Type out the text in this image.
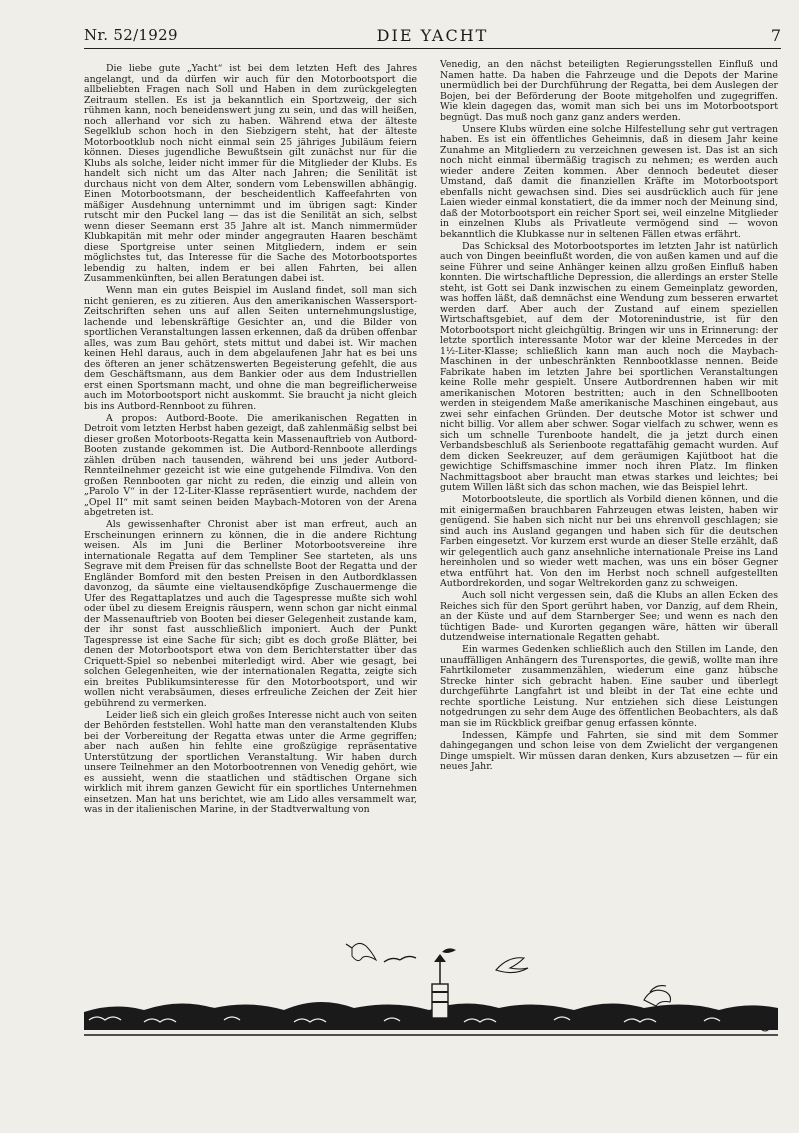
Nr. 52/1929	DIE YACHT	7

Die liebe gute „Yacht“ ist bei dem letzten Heft des Jahres angelangt, und da dürfen wir auch für den Motorbootsport die allbeliebten Fragen nach Soll und Haben in dem zurückgelegten Zeitraum stellen. Es ist ja bekanntlich ein Sportzweig, der sich rühmen kann, noch beneidenswert jung zu sein, und das will heißen, noch allerhand vor sich zu haben. Während etwa der älteste Segelklub schon hoch in den Siebzigern steht, hat der älteste Motorbootklub noch nicht einmal sein 25 jähriges Jubiläum feiern können. Dieses jugendliche Bewußtsein gilt zunächst nur für die Klubs als solche, leider nicht immer für die Mitglieder der Klubs. Es handelt sich nicht um das Alter nach Jahren; die Senilität ist durchaus nicht von dem Alter, sondern vom Lebenswillen abhängig. Einen Motorbootsmann, der bescheidentlich Kaffeefahrten von mäßiger Ausdehnung unternimmt und im übrigen sagt: Kinder rutscht mir den Puckel lang — das ist die Senilität an sich, selbst wenn dieser Seemann erst 35 Jahre alt ist. Manch nimmermüder Klubkapitän mit mehr oder minder angegrauten Haaren beschämt diese Sportgreise unter seinen Mitgliedern, indem er sein möglichstes tut, das Interesse für die Sache des Motorbootsportes lebendig zu halten, indem er bei allen Fahrten, bei allen Zusammenkünften, bei allen Beratungen dabei ist.

Wenn man ein gutes Beispiel im Ausland findet, soll man sich nicht genieren, es zu zitieren. Aus den amerikanischen Wassersport-Zeitschriften sehen uns auf allen Seiten unternehmungslustige, lachende und lebenskräftige Gesichter an, und die Bilder von sportlichen Veranstaltungen lassen erkennen, daß da drüben offenbar alles, was zum Bau gehört, stets mittut und dabei ist. Wir machen keinen Hehl daraus, auch in dem abgelaufenen Jahr hat es bei uns des öfteren an jener schätzenswerten Begeisterung gefehlt, die aus dem Geschäftsmann, aus dem Bankier oder aus dem Industriellen erst einen Sportsmann macht, und ohne die man begreiflicherweise auch im Motorbootsport nicht auskommt. Sie braucht ja nicht gleich bis ins Autbord-Rennboot zu führen.

A propos: Autbord-Boote. Die amerikanischen Regatten in Detroit vom letzten Herbst haben gezeigt, daß zahlenmäßig selbst bei dieser großen Motorboots-Regatta kein Massenauftrieb von Autbord-Booten zustande gekommen ist. Die Autbord-Rennboote allerdings zählen drüben nach tausenden, während bei uns jeder Autbord-Rennteilnehmer gezeicht ist wie eine gutgehende Filmdiva. Von den großen Rennbooten gar nicht zu reden, die einzig und allein von „Parolo V“ in der 12-Liter-Klasse repräsentiert wurde, nachdem der „Opel II“ mit samt seinen beiden Maybach-Motoren von der Arena abgetreten ist.

Als gewissenhafter Chronist aber ist man erfreut, auch an Erscheinungen erinnern zu können, die in die andere Richtung weisen. Als im Juni die Berliner Motorbootsvereine ihre internationale Regatta auf dem Templiner See starteten, als uns Segrave mit dem Preisen für das schnellste Boot der Regatta und der Engländer Bomford mit den besten Preisen in den Autbordklassen davonzog, da säumte eine vieltausendköpfige Zuschauermenge die Ufer des Regattaplatzes und auch die Tagespresse mußte sich wohl oder übel zu diesem Ereignis räuspern, wenn schon gar nicht einmal der Massenauftrieb von Booten bei dieser Gelegenheit zustande kam, der ihr sonst fast ausschließlich imponiert. Auch der Punkt Tagespresse ist eine Sache für sich; gibt es doch große Blätter, bei denen der Motorbootsport etwa von dem Berichterstatter über das Criquett-Spiel so nebenbei miterledigt wird. Aber wie gesagt, bei solchen Gelegenheiten, wie der internationalen Regatta, zeigte sich ein breites Publikumsinteresse für den Motorbootsport, und wir wollen nicht verabsäumen, dieses erfreuliche Zeichen der Zeit hier gebührend zu vermerken.

Leider ließ sich ein gleich großes Interesse nicht auch von seiten der Behörden feststellen. Wohl hatte man den veranstaltenden Klubs bei der Vorbereitung der Regatta etwas unter die Arme gegriffen; aber nach außen hin fehlte eine großzügige repräsentative Unterstützung der sportlichen Veranstaltung. Wir haben durch unsere Teilnehmer an den Motorbootrennen von Venedig gehört, wie es aussieht, wenn die staatlichen und städtischen Organe sich wirklich mit ihrem ganzen Gewicht für ein sportliches Unternehmen einsetzen. Man hat uns berichtet, wie am Lido alles versammelt war, was in der italienischen Marine, in der Stadtverwaltung von

Venedig, an den nächst beteiligten Regierungsstellen Einfluß und Namen hatte. Da haben die Fahrzeuge und die Depots der Marine unermüdlich bei der Durchführung der Regatta, bei dem Auslegen der Bojen, bei der Beförderung der Boote mitgeholfen und zugegriffen. Wie klein dagegen das, womit man sich bei uns im Motorbootsport begnügt. Das muß noch ganz ganz anders werden.

Unsere Klubs würden eine solche Hilfestellung sehr gut vertragen haben. Es ist ein öffentliches Geheimnis, daß in diesem Jahr keine Zunahme an Mitgliedern zu verzeichnen gewesen ist. Das ist an sich noch nicht einmal übermäßig tragisch zu nehmen; es werden auch wieder andere Zeiten kommen. Aber dennoch bedeutet dieser Umstand, daß damit die finanziellen Kräfte im Motorbootsport ebenfalls nicht gewachsen sind. Dies sei ausdrücklich auch für jene Laien wieder einmal konstatiert, die da immer noch der Meinung sind, daß der Motorbootsport ein reicher Sport sei, weil einzelne Mitglieder in einzelnen Klubs als Privatleute vermögend sind — wovon bekanntlich die Klubkasse nur in seltenen Fällen etwas erfährt.

Das Schicksal des Motorbootsportes im letzten Jahr ist natürlich auch von Dingen beeinflußt worden, die von außen kamen und auf die seine Führer und seine Anhänger keinen allzu großen Einfluß haben konnten. Die wirtschaftliche Depression, die allerdings an erster Stelle steht, ist Gott sei Dank inzwischen zu einem Gemeinplatz geworden, was hoffen läßt, daß demnächst eine Wendung zum besseren erwartet werden darf. Aber auch der Zustand auf einem speziellen Wirtschaftsgebiet, auf dem der Motorenindustrie, ist für den Motorbootsport nicht gleichgültig. Bringen wir uns in Erinnerung: der letzte sportlich interessante Motor war der kleine Mercedes in der 1½-Liter-Klasse; schließlich kann man auch noch die Maybach-Maschinen in der unbeschränkten Rennbootklasse nennen. Beide Fabrikate haben im letzten Jahre bei sportlichen Veranstaltungen keine Rolle mehr gespielt. Unsere Autbordrennen haben wir mit amerikanischen Motoren bestritten; auch in den Schnellbooten werden in steigendem Maße amerikanische Maschinen eingebaut, aus zwei sehr einfachen Gründen. Der deutsche Motor ist schwer und nicht billig. Vor allem aber schwer. Sogar vielfach zu schwer, wenn es sich um schnelle Turenboote handelt, die ja jetzt durch einen Verbandsbeschluß als Serienboote regattafähig gemacht wurden. Auf dem dicken Seekreuzer, auf dem geräumigen Kajütboot hat die gewichtige Schiffsmaschine immer noch ihren Platz. Im flinken Nachmittagsboot aber braucht man etwas starkes und leichtes; bei gutem Willen läßt sich das schon machen, wie das Beispiel lehrt.

Motorbootsleute, die sportlich als Vorbild dienen können, und die mit einigermaßen brauchbaren Fahrzeugen etwas leisten, haben wir genügend. Sie haben sich nicht nur bei uns ehrenvoll geschlagen; sie sind auch ins Ausland gegangen und haben sich für die deutschen Farben eingesetzt. Vor kurzem erst wurde an dieser Stelle erzählt, daß wir gelegentlich auch ganz ansehnliche internationale Preise ins Land hereinholen und so wieder wett machen, was uns ein böser Gegner etwa entführt hat. Von den im Herbst noch schnell aufgestellten Autbordrekorden, und sogar Weltrekorden ganz zu schweigen.

Auch soll nicht vergessen sein, daß die Klubs an allen Ecken des Reiches sich für den Sport gerührt haben, vor Danzig, auf dem Rhein, an der Küste und auf dem Starnberger See; und wenn es nach den tüchtigen Bade- und Kurorten gegangen wäre, hätten wir überall dutzendweise internationale Regatten gehabt.

Ein warmes Gedenken schließlich auch den Stillen im Lande, den unauffälligen Anhängern des Turensportes, die gewiß, wollte man ihre Fahrtkilometer zusammenzählen, wiederum eine ganz hübsche Strecke hinter sich gebracht haben. Eine sauber und überlegt durchgeführte Langfahrt ist und bleibt in der Tat eine echte und rechte sportliche Leistung. Nur entziehen sich diese Leistungen notgedrungen zu sehr dem Auge des öffentlichen Beobachters, als daß man sie im Rückblick greifbar genug erfassen könnte.

Indessen, Kämpfe und Fahrten, sie sind mit dem Sommer dahingegangen und schon leise von dem Zwielicht der vergangenen Dinge umspielt. Wir müssen daran denken, Kurs abzusetzen — für ein neues Jahr.
